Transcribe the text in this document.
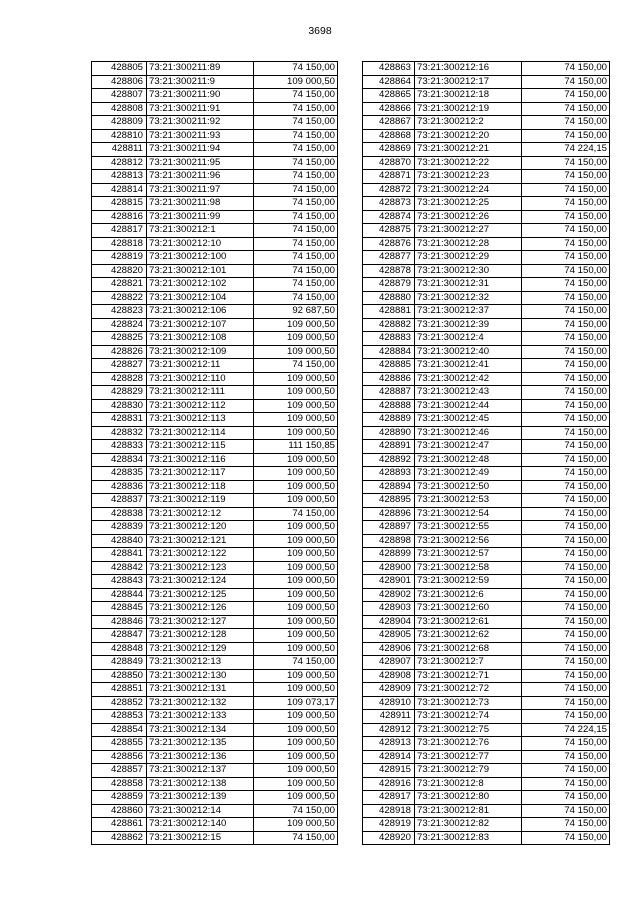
3698
428805	73:21:300211:89	74 150,00
428806	73:21:300211:9	109 000,50
428807	73:21:300211:90	74 150,00
428808	73:21:300211:91	74 150,00
428809	73:21:300211:92	74 150,00
428810	73:21:300211:93	74 150,00
428811	73:21:300211:94	74 150,00
428812	73:21:300211:95	74 150,00
428813	73:21:300211:96	74 150,00
428814	73:21:300211:97	74 150,00
428815	73:21:300211:98	74 150,00
428816	73:21:300211:99	74 150,00
428817	73:21:300212:1	74 150,00
428818	73:21:300212:10	74 150,00
428819	73:21:300212:100	74 150,00
428820	73:21:300212:101	74 150,00
428821	73:21:300212:102	74 150,00
428822	73:21:300212:104	74 150,00
428823	73:21:300212:106	92 687,50
428824	73:21:300212:107	109 000,50
428825	73:21:300212:108	109 000,50
428826	73:21:300212:109	109 000,50
428827	73:21:300212:11	74 150,00
428828	73:21:300212:110	109 000,50
428829	73:21:300212:111	109 000,50
428830	73:21:300212:112	109 000,50
428831	73:21:300212:113	109 000,50
428832	73:21:300212:114	109 000,50
428833	73:21:300212:115	111 150,85
428834	73:21:300212:116	109 000,50
428835	73:21:300212:117	109 000,50
428836	73:21:300212:118	109 000,50
428837	73:21:300212:119	109 000,50
428838	73:21:300212:12	74 150,00
428839	73:21:300212:120	109 000,50
428840	73:21:300212:121	109 000,50
428841	73:21:300212:122	109 000,50
428842	73:21:300212:123	109 000,50
428843	73:21:300212:124	109 000,50
428844	73:21:300212:125	109 000,50
428845	73:21:300212:126	109 000,50
428846	73:21:300212:127	109 000,50
428847	73:21:300212:128	109 000,50
428848	73:21:300212:129	109 000,50
428849	73:21:300212:13	74 150,00
428850	73:21:300212:130	109 000,50
428851	73:21:300212:131	109 000,50
428852	73:21:300212:132	109 073,17
428853	73:21:300212:133	109 000,50
428854	73:21:300212:134	109 000,50
428855	73:21:300212:135	109 000,50
428856	73:21:300212:136	109 000,50
428857	73:21:300212:137	109 000,50
428858	73:21:300212:138	109 000,50
428859	73:21:300212:139	109 000,50
428860	73:21:300212:14	74 150,00
428861	73:21:300212:140	109 000,50
428862	73:21:300212:15	74 150,00
428863	73:21:300212:16	74 150,00
428864	73:21:300212:17	74 150,00
428865	73:21:300212:18	74 150,00
428866	73:21:300212:19	74 150,00
428867	73:21:300212:2	74 150,00
428868	73:21:300212:20	74 150,00
428869	73:21:300212:21	74 224,15
428870	73:21:300212:22	74 150,00
428871	73:21:300212:23	74 150,00
428872	73:21:300212:24	74 150,00
428873	73:21:300212:25	74 150,00
428874	73:21:300212:26	74 150,00
428875	73:21:300212:27	74 150,00
428876	73:21:300212:28	74 150,00
428877	73:21:300212:29	74 150,00
428878	73:21:300212:30	74 150,00
428879	73:21:300212:31	74 150,00
428880	73:21:300212:32	74 150,00
428881	73:21:300212:37	74 150,00
428882	73:21:300212:39	74 150,00
428883	73:21:300212:4	74 150,00
428884	73:21:300212:40	74 150,00
428885	73:21:300212:41	74 150,00
428886	73:21:300212:42	74 150,00
428887	73:21:300212:43	74 150,00
428888	73:21:300212:44	74 150,00
428889	73:21:300212:45	74 150,00
428890	73:21:300212:46	74 150,00
428891	73:21:300212:47	74 150,00
428892	73:21:300212:48	74 150,00
428893	73:21:300212:49	74 150,00
428894	73:21:300212:50	74 150,00
428895	73:21:300212:53	74 150,00
428896	73:21:300212:54	74 150,00
428897	73:21:300212:55	74 150,00
428898	73:21:300212:56	74 150,00
428899	73:21:300212:57	74 150,00
428900	73:21:300212:58	74 150,00
428901	73:21:300212:59	74 150,00
428902	73:21:300212:6	74 150,00
428903	73:21:300212:60	74 150,00
428904	73:21:300212:61	74 150,00
428905	73:21:300212:62	74 150,00
428906	73:21:300212:68	74 150,00
428907	73:21:300212:7	74 150,00
428908	73:21:300212:71	74 150,00
428909	73:21:300212:72	74 150,00
428910	73:21:300212:73	74 150,00
428911	73:21:300212:74	74 150,00
428912	73:21:300212:75	74 224,15
428913	73:21:300212:76	74 150,00
428914	73:21:300212:77	74 150,00
428915	73:21:300212:79	74 150,00
428916	73:21:300212:8	74 150,00
428917	73:21:300212:80	74 150,00
428918	73:21:300212:81	74 150,00
428919	73:21:300212:82	74 150,00
428920	73:21:300212:83	74 150,00
